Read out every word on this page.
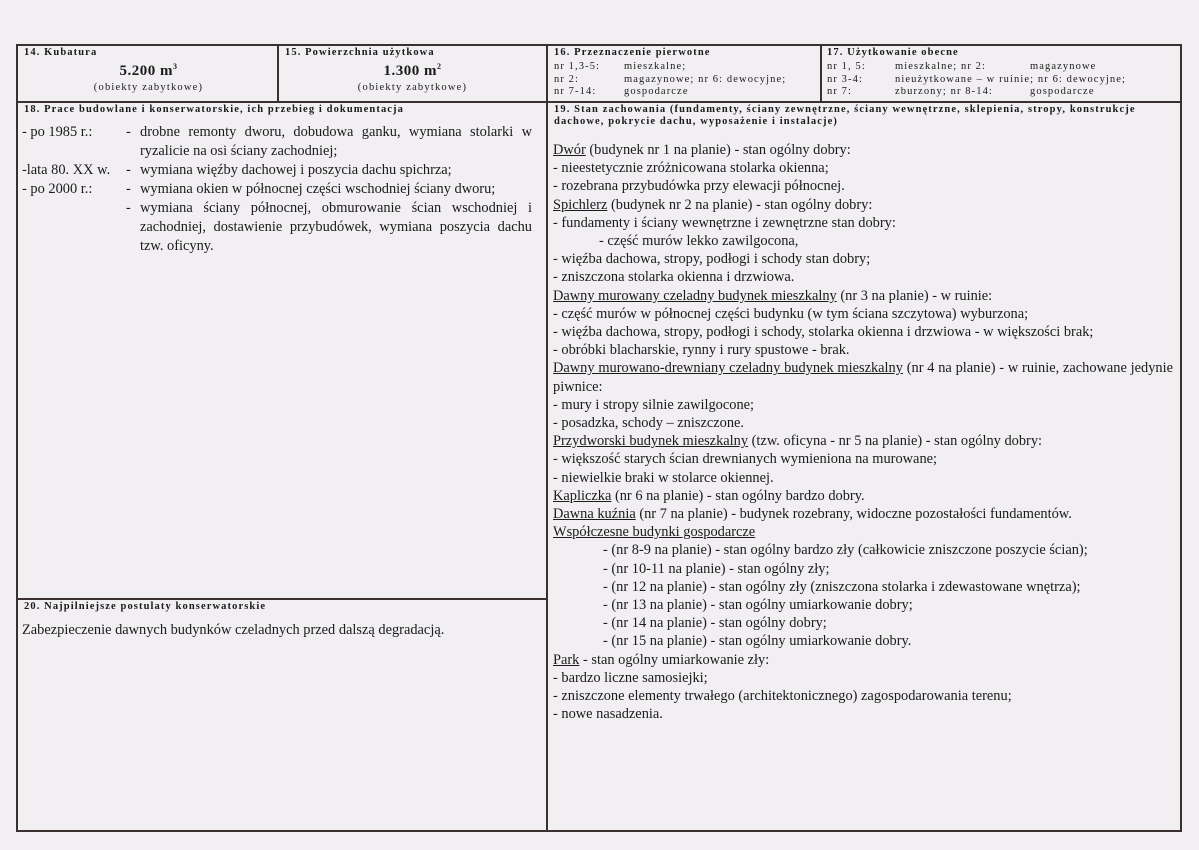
14. Kubatura
5.200 $m^3$
(obiekty zabytkowe)
15. Powierzchnia użytkowa
1.300 $m^2$
(obiekty zabytkowe)
16. Przeznaczenie pierwotne
nr 1,3-5:	mieszkalne;
nr 2:	magazynowe; nr 6: dewocyjne;
nr 7-14:	gospodarcze
17. Użytkowanie obecne
nr 1, 5:	mieszkalne; nr 2:	magazynowe
nr 3-4:	nieużytkowane – w ruinie; nr 6: dewocyjne;
nr 7:	zburzony; nr 8-14:	gospodarcze
18. Prace budowlane i konserwatorskie, ich przebieg i dokumentacja
- po 1985 r.:	- drobne remonty dworu, dobudowa ganku, wymiana stolarki w ryzalicie na osi ściany zachodniej;
-lata 80. XX w.	- wymiana więźby dachowej i poszycia dachu spichrza;
- po 2000 r.:	- wymiana okien w północnej części wschodniej ściany dworu;
- wymiana ściany północnej, obmurowanie ścian wschodniej i zachodniej, dostawienie przybudówek, wymiana poszycia dachu tzw. oficyny.
19. Stan zachowania (fundamenty, ściany zewnętrzne, ściany wewnętrzne, sklepienia, stropy, konstrukcje dachowe, pokrycie dachu, wyposażenie i instalacje)
Dwór (budynek nr 1 na planie) - stan ogólny dobry:
- nieestetycznie zróżnicowana stolarka okienna;
- rozebrana przybudówka przy elewacji północnej.
Spichlerz (budynek nr 2 na planie) - stan ogólny dobry:
- fundamenty i ściany wewnętrzne i zewnętrzne stan dobry:
- część murów lekko zawilgocona,
- więźba dachowa, stropy, podłogi i schody stan dobry;
- zniszczona stolarka okienna i drzwiowa.
Dawny murowany czeladny budynek mieszkalny (nr 3 na planie) - w ruinie:
- część murów w północnej części budynku (w tym ściana szczytowa) wyburzona;
- więźba dachowa, stropy, podłogi i schody, stolarka okienna i drzwiowa - w większości brak;
- obróbki blacharskie, rynny i rury spustowe - brak.
Dawny murowano-drewniany czeladny budynek mieszkalny (nr 4 na planie) - w ruinie, zachowane jedynie piwnice:
- mury i stropy silnie zawilgocone;
- posadzka, schody – zniszczone.
Przydworski budynek mieszkalny (tzw. oficyna - nr 5 na planie) - stan ogólny dobry:
- większość starych ścian drewnianych wymieniona na murowane;
- niewielkie braki w stolarce okiennej.
Kapliczka (nr 6 na planie) - stan ogólny bardzo dobry.
Dawna kuźnia (nr 7 na planie) - budynek rozebrany, widoczne pozostałości fundamentów.
Współczesne budynki gospodarcze
- (nr 8-9 na planie) - stan ogólny bardzo zły (całkowicie zniszczone poszycie ścian);
- (nr 10-11 na planie) - stan ogólny zły;
- (nr 12 na planie) - stan ogólny zły (zniszczona stolarka i zdewastowane wnętrza);
- (nr 13 na planie) - stan ogólny umiarkowanie dobry;
- (nr 14 na planie) - stan ogólny dobry;
- (nr 15 na planie) - stan ogólny umiarkowanie dobry.
Park - stan ogólny umiarkowanie zły:
- bardzo liczne samosiejki;
- zniszczone elementy trwałego (architektonicznego) zagospodarowania terenu;
- nowe nasadzenia.
20. Najpilniejsze postulaty konserwatorskie
Zabezpieczenie dawnych budynków czeladnych przed dalszą degradacją.
